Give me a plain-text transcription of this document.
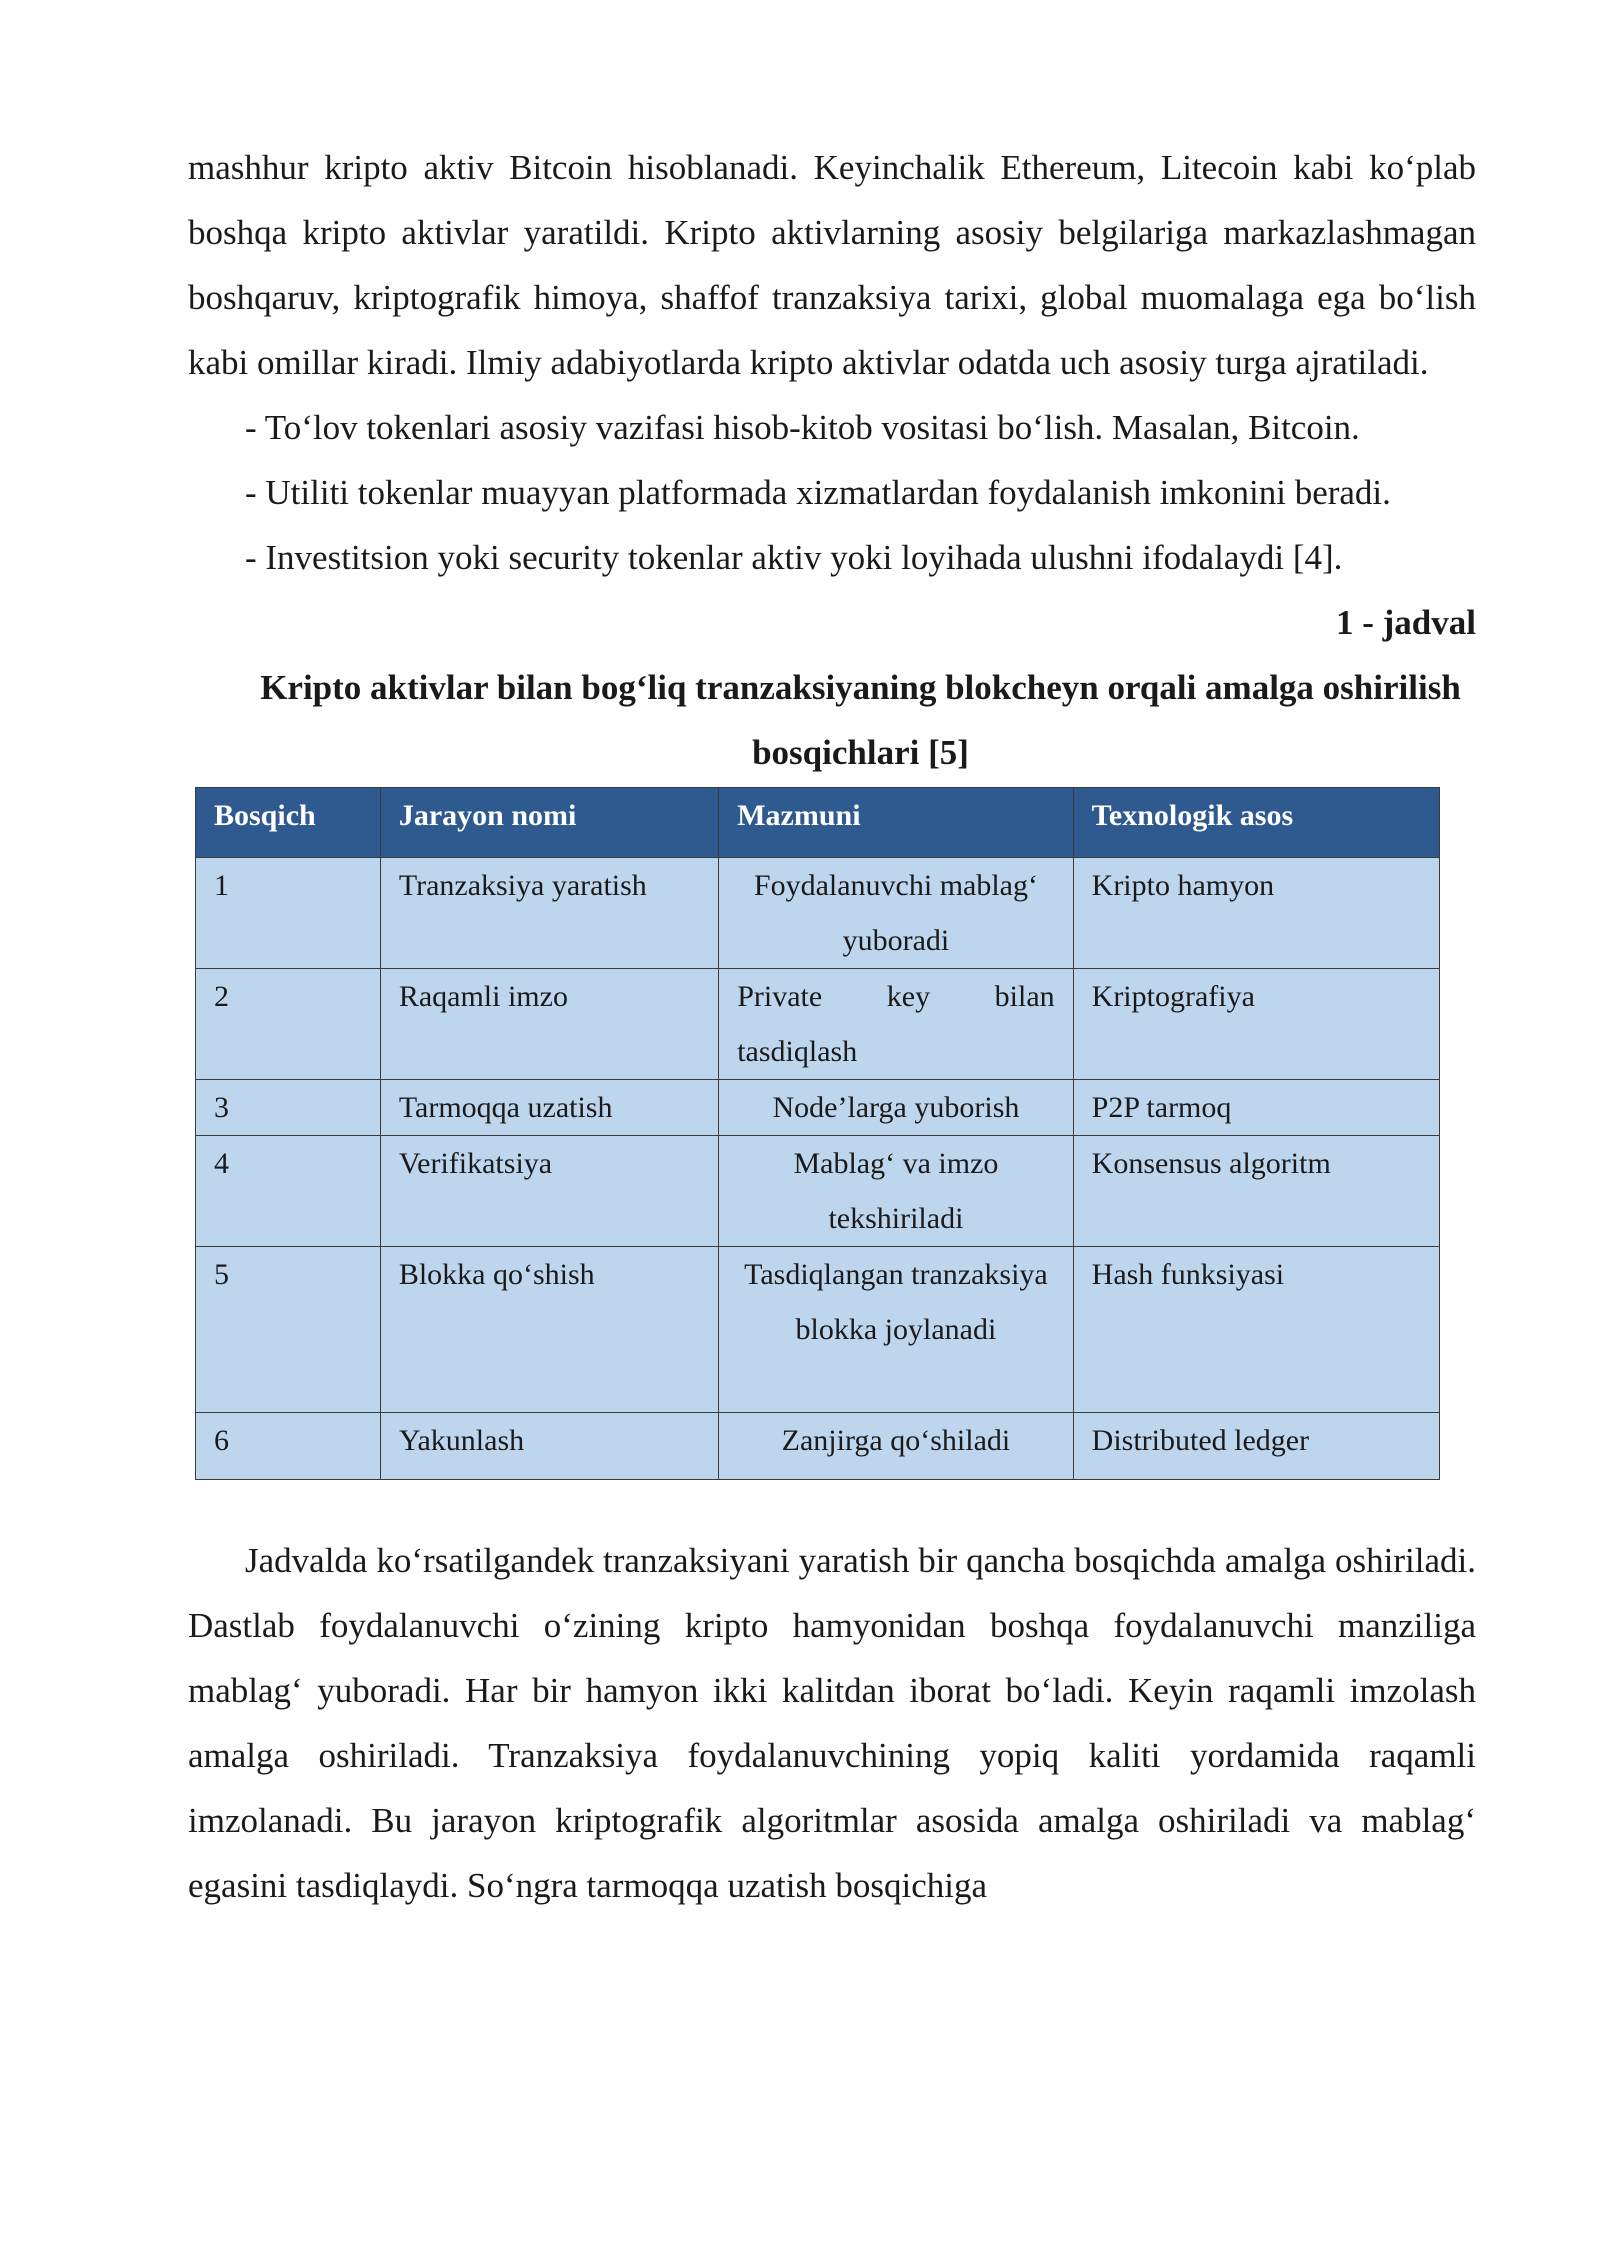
mashhur kripto aktiv Bitcoin hisoblanadi. Keyinchalik Ethereum, Litecoin kabi ko‘plab boshqa kripto aktivlar yaratildi. Kripto aktivlarning asosiy belgilariga markazlashmagan boshqaruv, kriptografik himoya, shaffof tranzaksiya tarixi, global muomalaga ega bo‘lish kabi omillar kiradi. Ilmiy adabiyotlarda kripto aktivlar odatda uch asosiy turga ajratiladi.

- To‘lov tokenlari asosiy vazifasi hisob-kitob vositasi bo‘lish. Masalan, Bitcoin.

- Utiliti tokenlar muayyan platformada xizmatlardan foydalanish imkonini beradi.

- Investitsion yoki security tokenlar aktiv yoki loyihada ulushni ifodalaydi [4].

1 - jadval

Kripto aktivlar bilan bog‘liq tranzaksiyaning blokcheyn orqali amalga oshirilish bosqichlari [5]

Bosqich	Jarayon nomi	Mazmuni	Texnologik asos
1	Tranzaksiya yaratish	Foydalanuvchi mablag‘ yuboradi	Kripto hamyon
2	Raqamli imzo	Private key bilan tasdiqlash	Kriptografiya
3	Tarmoqqa uzatish	Node’larga yuborish	P2P tarmoq
4	Verifikatsiya	Mablag‘ va imzo tekshiriladi	Konsensus algoritm
5	Blokka qo‘shish	Tasdiqlangan tranzaksiya blokka joylanadi	Hash funksiyasi
6	Yakunlash	Zanjirga qo‘shiladi	Distributed ledger

Jadvalda ko‘rsatilgandek tranzaksiyani yaratish bir qancha bosqichda amalga oshiriladi. Dastlab foydalanuvchi o‘zining kripto hamyonidan boshqa foydalanuvchi manziliga mablag‘ yuboradi. Har bir hamyon ikki kalitdan iborat bo‘ladi. Keyin raqamli imzolash amalga oshiriladi. Tranzaksiya foydalanuvchining yopiq kaliti yordamida raqamli imzolanadi. Bu jarayon kriptografik algoritmlar asosida amalga oshiriladi va mablag‘ egasini tasdiqlaydi. So‘ngra tarmoqqa uzatish bosqichiga
